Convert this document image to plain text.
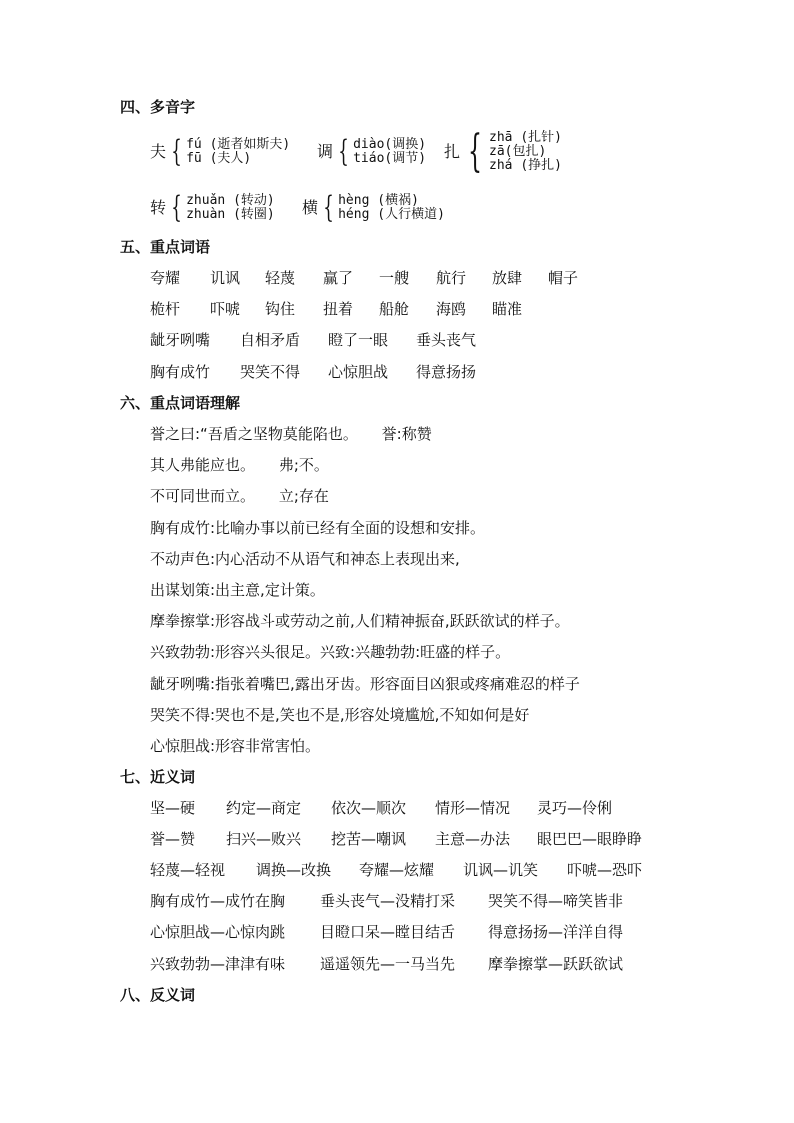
四、多音字
夫 { fú (逝者如斯夫)
fū (夫人)	调 { diào(调换)
tiáo(调节) 扎 { zhā (扎针)
zā(包扎)
zhá (挣扎)
转 { zhuǎn (转动)
zhuàn (转圈) 横 { hèng (横祸)
héng (人行横道)
五、重点词语
夸耀 讥讽 轻蔑 赢了 一艘 航行 放肆 帽子
桅杆 吓唬 钩住 扭着 船舱 海鸥 瞄准
龇牙咧嘴 自相矛盾 瞪了一眼 垂头丧气
胸有成竹 哭笑不得 心惊胆战 得意扬扬
六、重点词语理解
誉之曰:“吾盾之坚物莫能陷也。     誉:称赞
其人弗能应也。     弗;不。
不可同世而立。     立;存在
胸有成竹:比喻办事以前已经有全面的设想和安排。
不动声色:内心活动不从语气和神态上表现出来,
出谋划策:出主意,定计策。
摩拳擦掌:形容战斗或劳动之前,人们精神振奋,跃跃欲试的样子。
兴致勃勃:形容兴头很足。兴致:兴趣勃勃:旺盛的样子。
龇牙咧嘴:指张着嘴巴,露出牙齿。形容面目凶狠或疼痛难忍的样子
哭笑不得:哭也不是,笑也不是,形容处境尴尬,不知如何是好
心惊胆战:形容非常害怕。
七、近义词
坚—硬 约定—商定 依次—顺次 情形—情况 灵巧—伶俐
誉—赞 扫兴—败兴 挖苦—嘲讽 主意—办法 眼巴巴—眼睁睁
轻蔑—轻视 调换—改换 夸耀—炫耀 讥讽—讥笑 吓唬—恐吓
胸有成竹—成竹在胸 垂头丧气—没精打采 哭笑不得—啼笑皆非
心惊胆战—心惊肉跳 目瞪口呆—瞠目结舌 得意扬扬—洋洋自得
兴致勃勃—津津有味 遥遥领先—一马当先 摩拳擦掌—跃跃欲试
八、反义词
